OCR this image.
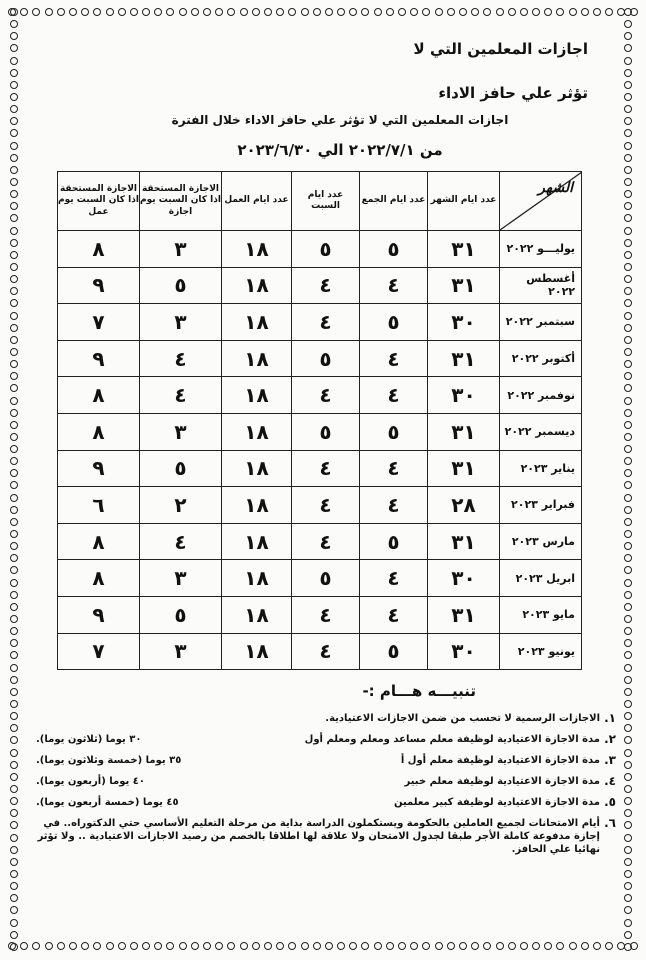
اجازات المعلمين التي لا
تؤثر علي حافز الاداء
اجازات المعلمين التي لا تؤثر علي حافز الاداء خلال الفترة
من ٢٠٢٢/٧/١ الي ٢٠٢٣/٦/٣٠
الشهر	عدد ايام الشهر	عدد ايام الجمع	عدد ايام السبت	عدد ايام العمل	الاجازة المستحقة اذا كان السبت يوم اجازة	الاجازة المستحقة اذا كان السبت يوم عمل
يوليـــو ٢٠٢٢	٣١	٥	٥	١٨	٣	٨
أغسطس ٢٠٢٢	٣١	٤	٤	١٨	٥	٩
سبتمبر ٢٠٢٢	٣٠	٥	٤	١٨	٣	٧
أكتوبر ٢٠٢٢	٣١	٤	٥	١٨	٤	٩
نوفمبر ٢٠٢٢	٣٠	٤	٤	١٨	٤	٨
ديسمبر ٢٠٢٢	٣١	٥	٥	١٨	٣	٨
يناير ٢٠٢٣	٣١	٤	٤	١٨	٥	٩
فبراير ٢٠٢٣	٢٨	٤	٤	١٨	٢	٦
مارس ٢٠٢٣	٣١	٥	٤	١٨	٤	٨
ابريل ٢٠٢٣	٣٠	٤	٥	١٨	٣	٨
مايو ٢٠٢٣	٣١	٤	٤	١٨	٥	٩
يونيو ٢٠٢٣	٣٠	٥	٤	١٨	٣	٧
تنبيـــه هـــام :-
١.
الاجازات الرسمية لا تحسب من ضمن الاجازات الاعتيادية.
٢.
مدة الاجازة الاعتيادية لوظيفة معلم مساعد ومعلم ومعلم أول
٣٠ يوما (ثلاثون يوما).
٣.
مدة الاجازة الاعتيادية لوظيفة معلم أول أ
٣٥ يوما (خمسة وثلاثون يوما).
٤.
مدة الاجازة الاعتيادية لوظيفة معلم خبير
٤٠ يوما (أربعون يوما).
٥.
مدة الاجازة الاعتيادية لوظيفة كبير معلمين
٤٥ يوما (خمسة أربعون يوما).
٦.
أيام الامتحانات لجميع العاملين بالحكومة ويستكملون الدراسة بداية من مرحلة التعليم الأساسي حتي الدكتوراه.. في إجازة مدفوعة كاملة الأجر طبقا لجدول الامتحان ولا علاقة لها اطلاقا بالخصم من رصيد الاجازات الاعتيادية .. ولا تؤثر نهائيا علي الحافز.
